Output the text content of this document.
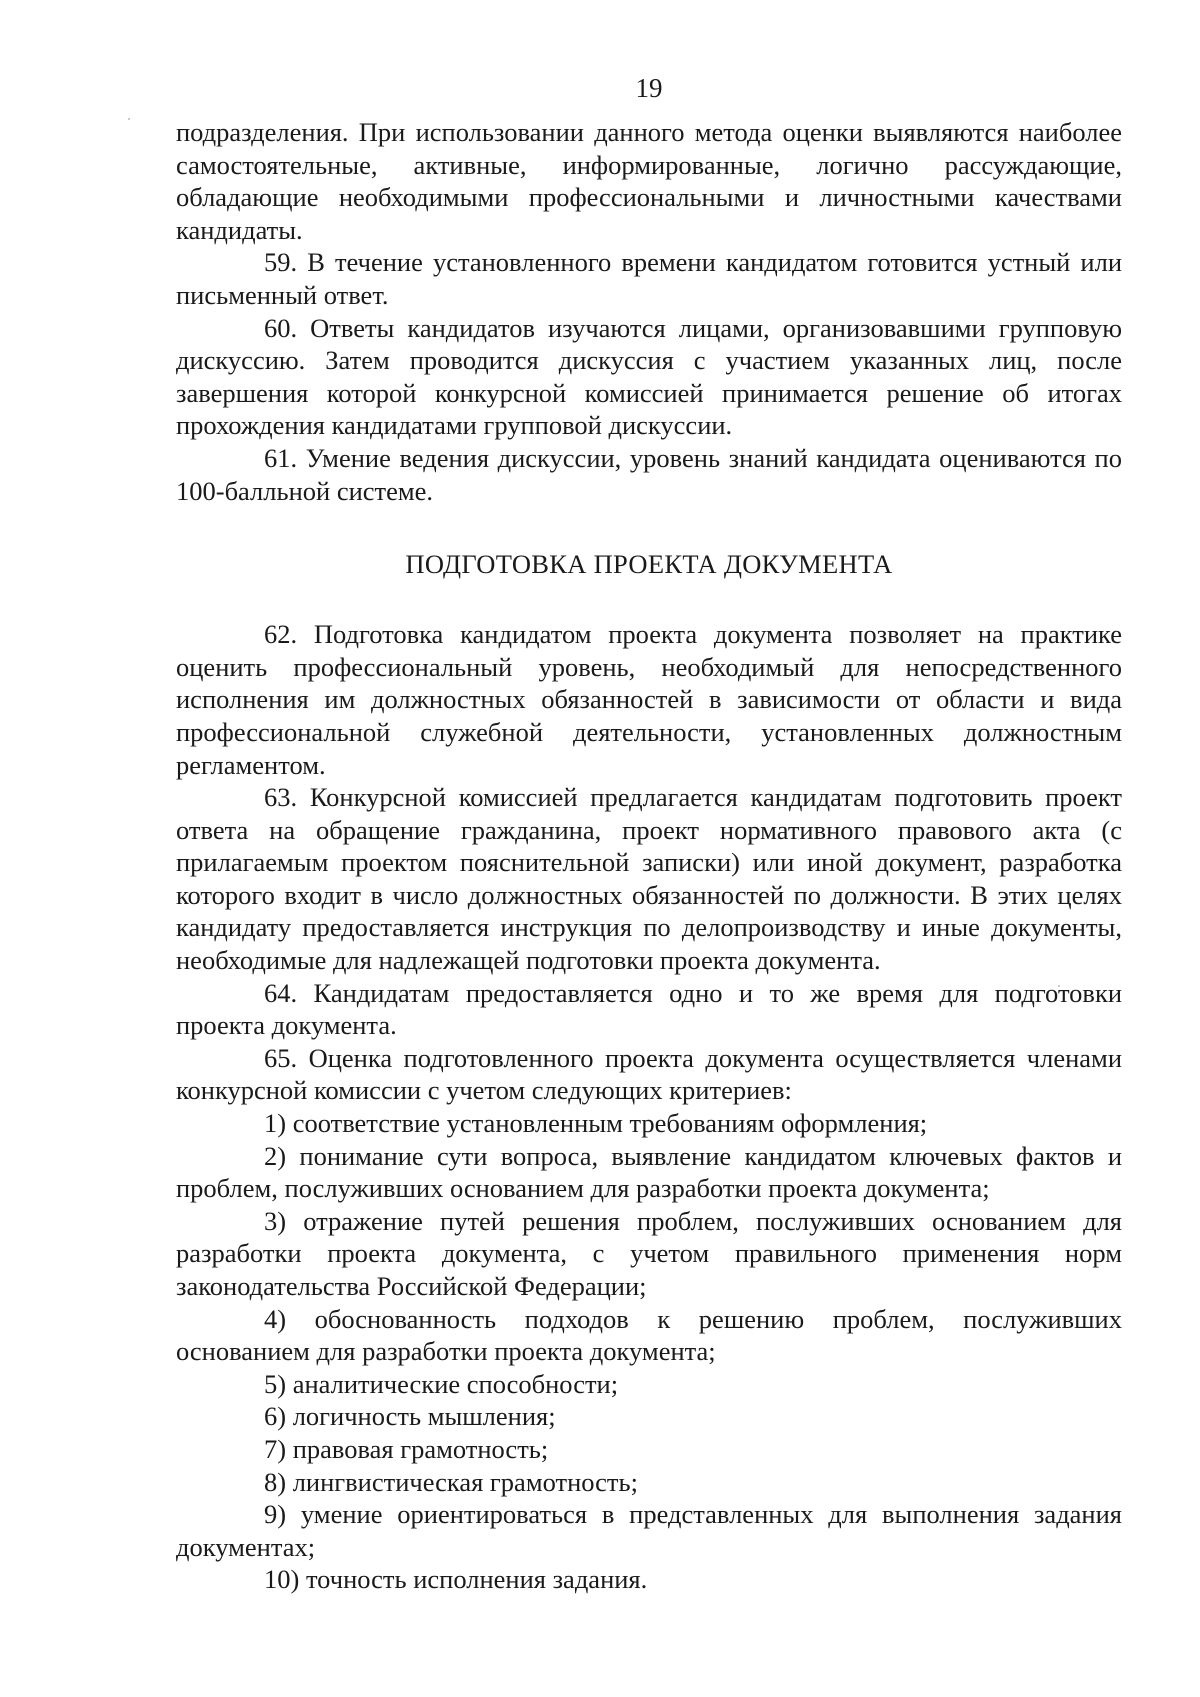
19

подразделения. При использовании данного метода оценки выявляются наиболее самостоятельные, активные, информированные, логично рассуждающие, обладающие необходимыми профессиональными и личностными качествами кандидаты.

59. В течение установленного времени кандидатом готовится устный или письменный ответ.

60. Ответы кандидатов изучаются лицами, организовавшими групповую дискуссию. Затем проводится дискуссия с участием указанных лиц, после завершения которой конкурсной комиссией принимается решение об итогах прохождения кандидатами групповой дискуссии.

61. Умение ведения дискуссии, уровень знаний кандидата оцениваются по 100-балльной системе.

ПОДГОТОВКА ПРОЕКТА ДОКУМЕНТА

62. Подготовка кандидатом проекта документа позволяет на практике оценить профессиональный уровень, необходимый для непосредственного исполнения им должностных обязанностей в зависимости от области и вида профессиональной служебной деятельности, установленных должностным регламентом.

63. Конкурсной комиссией предлагается кандидатам подготовить проект ответа на обращение гражданина, проект нормативного правового акта (с прилагаемым проектом пояснительной записки) или иной документ, разработка которого входит в число должностных обязанностей по должности. В этих целях кандидату предоставляется инструкция по делопроизводству и иные документы, необходимые для надлежащей подготовки проекта документа.

64. Кандидатам предоставляется одно и то же время для подготовки проекта документа.

65. Оценка подготовленного проекта документа осуществляется членами конкурсной комиссии с учетом следующих критериев:

1) соответствие установленным требованиям оформления;

2) понимание сути вопроса, выявление кандидатом ключевых фактов и проблем, послуживших основанием для разработки проекта документа;

3) отражение путей решения проблем, послуживших основанием для разработки проекта документа, с учетом правильного применения норм законодательства Российской Федерации;

4) обоснованность подходов к решению проблем, послуживших основанием для разработки проекта документа;

5) аналитические способности;

6) логичность мышления;

7) правовая грамотность;

8) лингвистическая грамотность;

9) умение ориентироваться в представленных для выполнения задания документах;

10) точность исполнения задания.
